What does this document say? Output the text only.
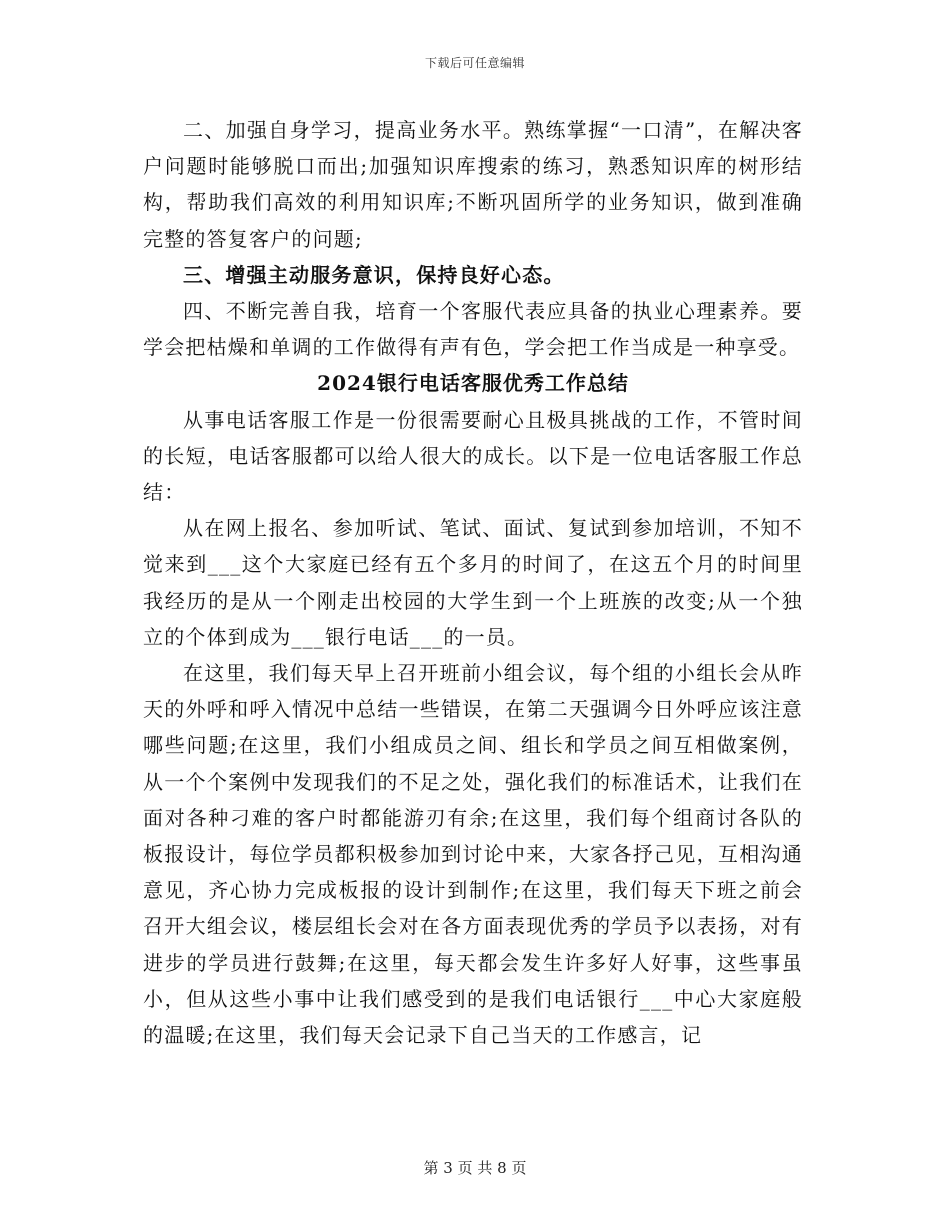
下载后可任意编辑

二、加强自身学习，提高业务水平。熟练掌握“一口清”，在解决客户问题时能够脱口而出;加强知识库搜索的练习，熟悉知识库的树形结构，帮助我们高效的利用知识库;不断巩固所学的业务知识，做到准确完整的答复客户的问题;

三、增强主动服务意识，保持良好心态。

四、不断完善自我，培育一个客服代表应具备的执业心理素养。要学会把枯燥和单调的工作做得有声有色，学会把工作当成是一种享受。

2024银行电话客服优秀工作总结

从事电话客服工作是一份很需要耐心且极具挑战的工作，不管时间的长短，电话客服都可以给人很大的成长。以下是一位电话客服工作总结：

从在网上报名、参加听试、笔试、面试、复试到参加培训，不知不觉来到___这个大家庭已经有五个多月的时间了，在这五个月的时间里我经历的是从一个刚走出校园的大学生到一个上班族的改变;从一个独立的个体到成为___银行电话___的一员。

在这里，我们每天早上召开班前小组会议，每个组的小组长会从昨天的外呼和呼入情况中总结一些错误，在第二天强调今日外呼应该注意哪些问题;在这里，我们小组成员之间、组长和学员之间互相做案例，从一个个案例中发现我们的不足之处，强化我们的标准话术，让我们在面对各种刁难的客户时都能游刃有余;在这里，我们每个组商讨各队的板报设计，每位学员都积极参加到讨论中来，大家各抒己见，互相沟通意见，齐心协力完成板报的设计到制作;在这里，我们每天下班之前会召开大组会议，楼层组长会对在各方面表现优秀的学员予以表扬，对有进步的学员进行鼓舞;在这里，每天都会发生许多好人好事，这些事虽小，但从这些小事中让我们感受到的是我们电话银行___中心大家庭般的温暖;在这里，我们每天会记录下自己当天的工作感言，记

第 3 页 共 8 页
